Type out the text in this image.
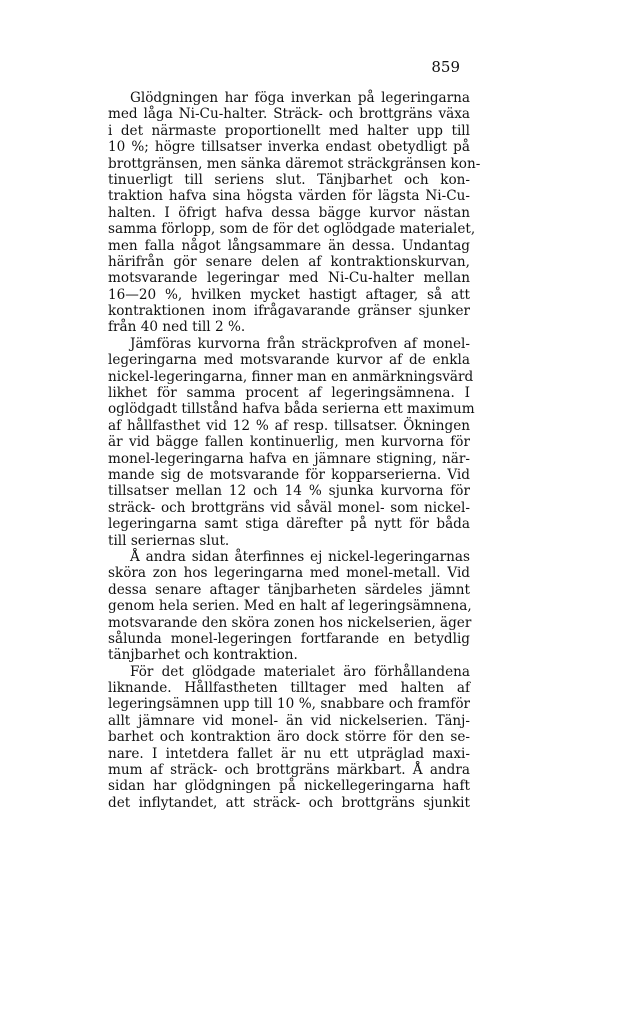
859
Glödgningen har föga inverkan på legeringarna
med låga Ni-Cu-halter. Sträck- och brottgräns växa
i det närmaste proportionellt med halter upp till
10 %; högre tillsatser inverka endast obetydligt på
brottgränsen, men sänka däremot sträckgränsen kon-
tinuerligt till seriens slut. Tänjbarhet och kon-
traktion hafva sina högsta värden för lägsta Ni-Cu-
halten. I öfrigt hafva dessa bägge kurvor nästan
samma förlopp, som de för det oglödgade materialet,
men falla något långsammare än dessa. Undantag
härifrån gör senare delen af kontraktionskurvan,
motsvarande legeringar med Ni-Cu-halter mellan
16—20 %, hvilken mycket hastigt aftager, så att
kontraktionen inom ifrågavarande gränser sjunker
från 40 ned till 2 %.
Jämföras kurvorna från sträckprofven af monel-
legeringarna med motsvarande kurvor af de enkla
nickel-legeringarna, finner man en anmärkningsvärd
likhet för samma procent af legeringsämnena. I
oglödgadt tillstånd hafva båda serierna ett maximum
af hållfasthet vid 12 % af resp. tillsatser. Ökningen
är vid bägge fallen kontinuerlig, men kurvorna för
monel-legeringarna hafva en jämnare stigning, när-
mande sig de motsvarande för kopparserierna. Vid
tillsatser mellan 12 och 14 % sjunka kurvorna för
sträck- och brottgräns vid såväl monel- som nickel-
legeringarna samt stiga därefter på nytt för båda
till seriernas slut.
Å andra sidan återfinnes ej nickel-legeringarnas
sköra zon hos legeringarna med monel-metall. Vid
dessa senare aftager tänjbarheten särdeles jämnt
genom hela serien. Med en halt af legeringsämnena,
motsvarande den sköra zonen hos nickelserien, äger
sålunda monel-legeringen fortfarande en betydlig
tänjbarhet och kontraktion.
För det glödgade materialet äro förhållandena
liknande. Hållfastheten tilltager med halten af
legeringsämnen upp till 10 %, snabbare och framför
allt jämnare vid monel- än vid nickelserien. Tänj-
barhet och kontraktion äro dock större för den se-
nare. I intetdera fallet är nu ett utpräglad maxi-
mum af sträck- och brottgräns märkbart. Å andra
sidan har glödgningen på nickellegeringarna haft
det inflytandet, att sträck- och brottgräns sjunkit
